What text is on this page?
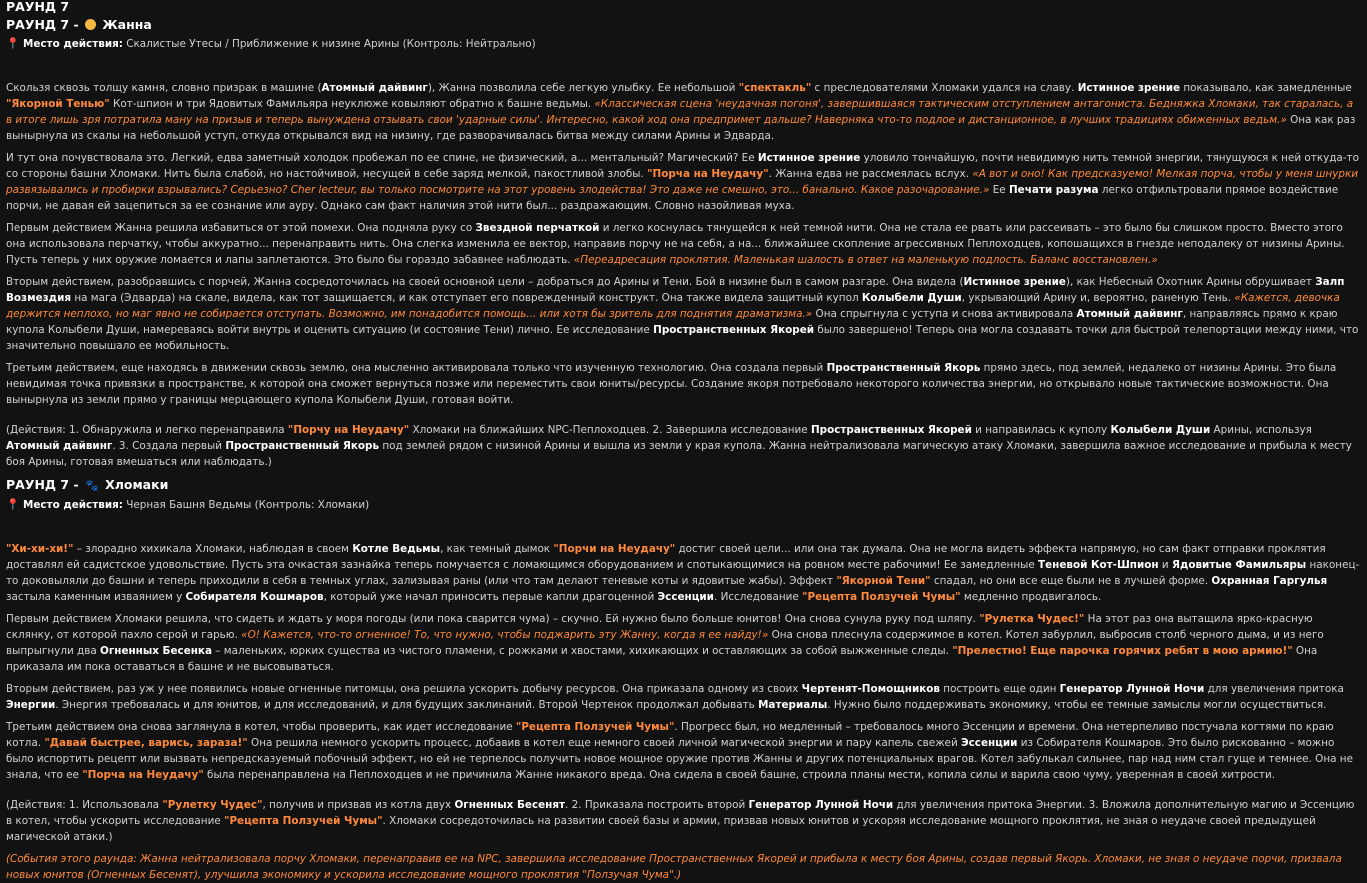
РАУНД 7
РАУНД 7 - Жанна
📍 Место действия: Скалистые Утесы / Приближение к низине Арины (Контроль: Нейтрально)

Скользя сквозь толщу камня, словно призрак в машине (Атомный дайвинг), Жанна позволила себе легкую улыбку. Ее небольшой "спектакль" с преследователями Хломаки удался на славу. Истинное зрение показывало, как замедленные "Якорной Тенью" Кот-шпион и три Ядовитых Фамильяра неуклюже ковыляют обратно к башне ведьмы. «Классическая сцена 'неудачная погоня', завершившаяся тактическим отступлением антагониста. Бедняжка Хломаки, так старалась, а в итоге лишь зря потратила ману на призыв и теперь вынуждена отзывать свои 'ударные силы'. Интересно, какой ход она предпримет дальше? Наверняка что-то подлое и дистанционное, в лучших традициях обиженных ведьм.» Она как раз вынырнула из скалы на небольшой уступ, откуда открывался вид на низину, где разворачивалась битва между силами Арины и Эдварда.

И тут она почувствовала это. Легкий, едва заметный холодок пробежал по ее спине, не физический, а... ментальный? Магический? Ее Истинное зрение уловило тончайшую, почти невидимую нить темной энергии, тянущуюся к ней откуда-то со стороны башни Хломаки. Нить была слабой, но настойчивой, несущей в себе заряд мелкой, пакостливой злобы. "Порча на Неудачу". Жанна едва не рассмеялась вслух. «А вот и оно! Как предсказуемо! Мелкая порча, чтобы у меня шнурки развязывались и пробирки взрывались? Серьезно? Cher lecteur, вы только посмотрите на этот уровень злодейства! Это даже не смешно, это... банально. Какое разочарование.» Ее Печати разума легко отфильтровали прямое воздействие порчи, не давая ей зацепиться за ее сознание или ауру. Однако сам факт наличия этой нити был... раздражающим. Словно назойливая муха.

Первым действием Жанна решила избавиться от этой помехи. Она подняла руку со Звездной перчаткой и легко коснулась тянущейся к ней темной нити. Она не стала ее рвать или рассеивать – это было бы слишком просто. Вместо этого она использовала перчатку, чтобы аккуратно... перенаправить нить. Она слегка изменила ее вектор, направив порчу не на себя, а на... ближайшее скопление агрессивных Пеплоходцев, копошащихся в гнезде неподалеку от низины Арины. Пусть теперь у них оружие ломается и лапы заплетаются. Это было бы гораздо забавнее наблюдать. «Переадресация проклятия. Маленькая шалость в ответ на маленькую подлость. Баланс восстановлен.»

Вторым действием, разобравшись с порчей, Жанна сосредоточилась на своей основной цели – добраться до Арины и Тени. Бой в низине был в самом разгаре. Она видела (Истинное зрение), как Небесный Охотник Арины обрушивает Залп Возмездия на мага (Эдварда) на скале, видела, как тот защищается, и как отступает его поврежденный конструкт. Она также видела защитный купол Колыбели Души, укрывающий Арину и, вероятно, раненую Тень. «Кажется, девочка держится неплохо, но маг явно не собирается отступать. Возможно, им понадобится помощь... или хотя бы зритель для поднятия драматизма.» Она спрыгнула с уступа и снова активировала Атомный дайвинг, направляясь прямо к краю купола Колыбели Души, намереваясь войти внутрь и оценить ситуацию (и состояние Тени) лично. Ее исследование Пространственных Якорей было завершено! Теперь она могла создавать точки для быстрой телепортации между ними, что значительно повышало ее мобильность.

Третьим действием, еще находясь в движении сквозь землю, она мысленно активировала только что изученную технологию. Она создала первый Пространственный Якорь прямо здесь, под землей, недалеко от низины Арины. Это была невидимая точка привязки в пространстве, к которой она сможет вернуться позже или переместить свои юниты/ресурсы. Создание якоря потребовало некоторого количества энергии, но открывало новые тактические возможности. Она вынырнула из земли прямо у границы мерцающего купола Колыбели Души, готовая войти.

(Действия: 1. Обнаружила и легко перенаправила "Порчу на Неудачу" Хломаки на ближайших NPC-Пеплоходцев. 2. Завершила исследование Пространственных Якорей и направилась к куполу Колыбели Души Арины, используя Атомный дайвинг. 3. Создала первый Пространственный Якорь под землей рядом с низиной Арины и вышла из земли у края купола. Жанна нейтрализовала магическую атаку Хломаки, завершила важное исследование и прибыла к месту боя Арины, готовая вмешаться или наблюдать.)

РАУНД 7 - 🐾 Хломаки
📍 Место действия: Черная Башня Ведьмы (Контроль: Хломаки)

"Хи-хи-хи!" – злорадно хихикала Хломаки, наблюдая в своем Котле Ведьмы, как темный дымок "Порчи на Неудачу" достиг своей цели... или она так думала. Она не могла видеть эффекта напрямую, но сам факт отправки проклятия доставлял ей садистское удовольствие. Пусть эта очкастая зазнайка теперь помучается с ломающимся оборудованием и спотыкающимися на ровном месте рабочими! Ее замедленные Теневой Кот-Шпион и Ядовитые Фамильяры наконец-то доковыляли до башни и теперь приходили в себя в темных углах, зализывая раны (или что там делают теневые коты и ядовитые жабы). Эффект "Якорной Тени" спадал, но они все еще были не в лучшей форме. Охранная Гаргулья застыла каменным изваянием у Собирателя Кошмаров, который уже начал приносить первые капли драгоценной Эссенции. Исследование "Рецепта Ползучей Чумы" медленно продвигалось.

Первым действием Хломаки решила, что сидеть и ждать у моря погоды (или пока сварится чума) – скучно. Ей нужно было больше юнитов! Она снова сунула руку под шляпу. "Рулетка Чудес!" На этот раз она вытащила ярко-красную склянку, от которой пахло серой и гарью. «О! Кажется, что-то огненное! То, что нужно, чтобы поджарить эту Жанну, когда я ее найду!» Она снова плеснула содержимое в котел. Котел забурлил, выбросив столб черного дыма, и из него выпрыгнули два Огненных Бесенка – маленьких, юрких существа из чистого пламени, с рожками и хвостами, хихикающих и оставляющих за собой выжженные следы. "Прелестно! Еще парочка горячих ребят в мою армию!" Она приказала им пока оставаться в башне и не высовываться.

Вторым действием, раз уж у нее появились новые огненные питомцы, она решила ускорить добычу ресурсов. Она приказала одному из своих Чертенят-Помощников построить еще один Генератор Лунной Ночи для увеличения притока Энергии. Энергия требовалась и для юнитов, и для исследований, и для будущих заклинаний. Второй Чертенок продолжал добывать Материалы. Нужно было поддерживать экономику, чтобы ее темные замыслы могли осуществиться.

Третьим действием она снова заглянула в котел, чтобы проверить, как идет исследование "Рецепта Ползучей Чумы". Прогресс был, но медленный – требовалось много Эссенции и времени. Она нетерпеливо постучала когтями по краю котла. "Давай быстрее, варись, зараза!" Она решила немного ускорить процесс, добавив в котел еще немного своей личной магической энергии и пару капель свежей Эссенции из Собирателя Кошмаров. Это было рискованно – можно было испортить рецепт или вызвать непредсказуемый побочный эффект, но ей не терпелось получить новое мощное оружие против Жанны и других потенциальных врагов. Котел забулькал сильнее, пар над ним стал гуще и темнее. Она не знала, что ее "Порча на Неудачу" была перенаправлена на Пеплоходцев и не причинила Жанне никакого вреда. Она сидела в своей башне, строила планы мести, копила силы и варила свою чуму, уверенная в своей хитрости.

(Действия: 1. Использовала "Рулетку Чудес", получив и призвав из котла двух Огненных Бесенят. 2. Приказала построить второй Генератор Лунной Ночи для увеличения притока Энергии. 3. Вложила дополнительную магию и Эссенцию в котел, чтобы ускорить исследование "Рецепта Ползучей Чумы". Хломаки сосредоточилась на развитии своей базы и армии, призвав новых юнитов и ускоряя исследование мощного проклятия, не зная о неудаче своей предыдущей магической атаки.)

(События этого раунда: Жанна нейтрализовала порчу Хломаки, перенаправив ее на NPC, завершила исследование Пространственных Якорей и прибыла к месту боя Арины, создав первый Якорь. Хломаки, не зная о неудаче порчи, призвала новых юнитов (Огненных Бесенят), улучшила экономику и ускорила исследование мощного проклятия "Ползучая Чума".)
